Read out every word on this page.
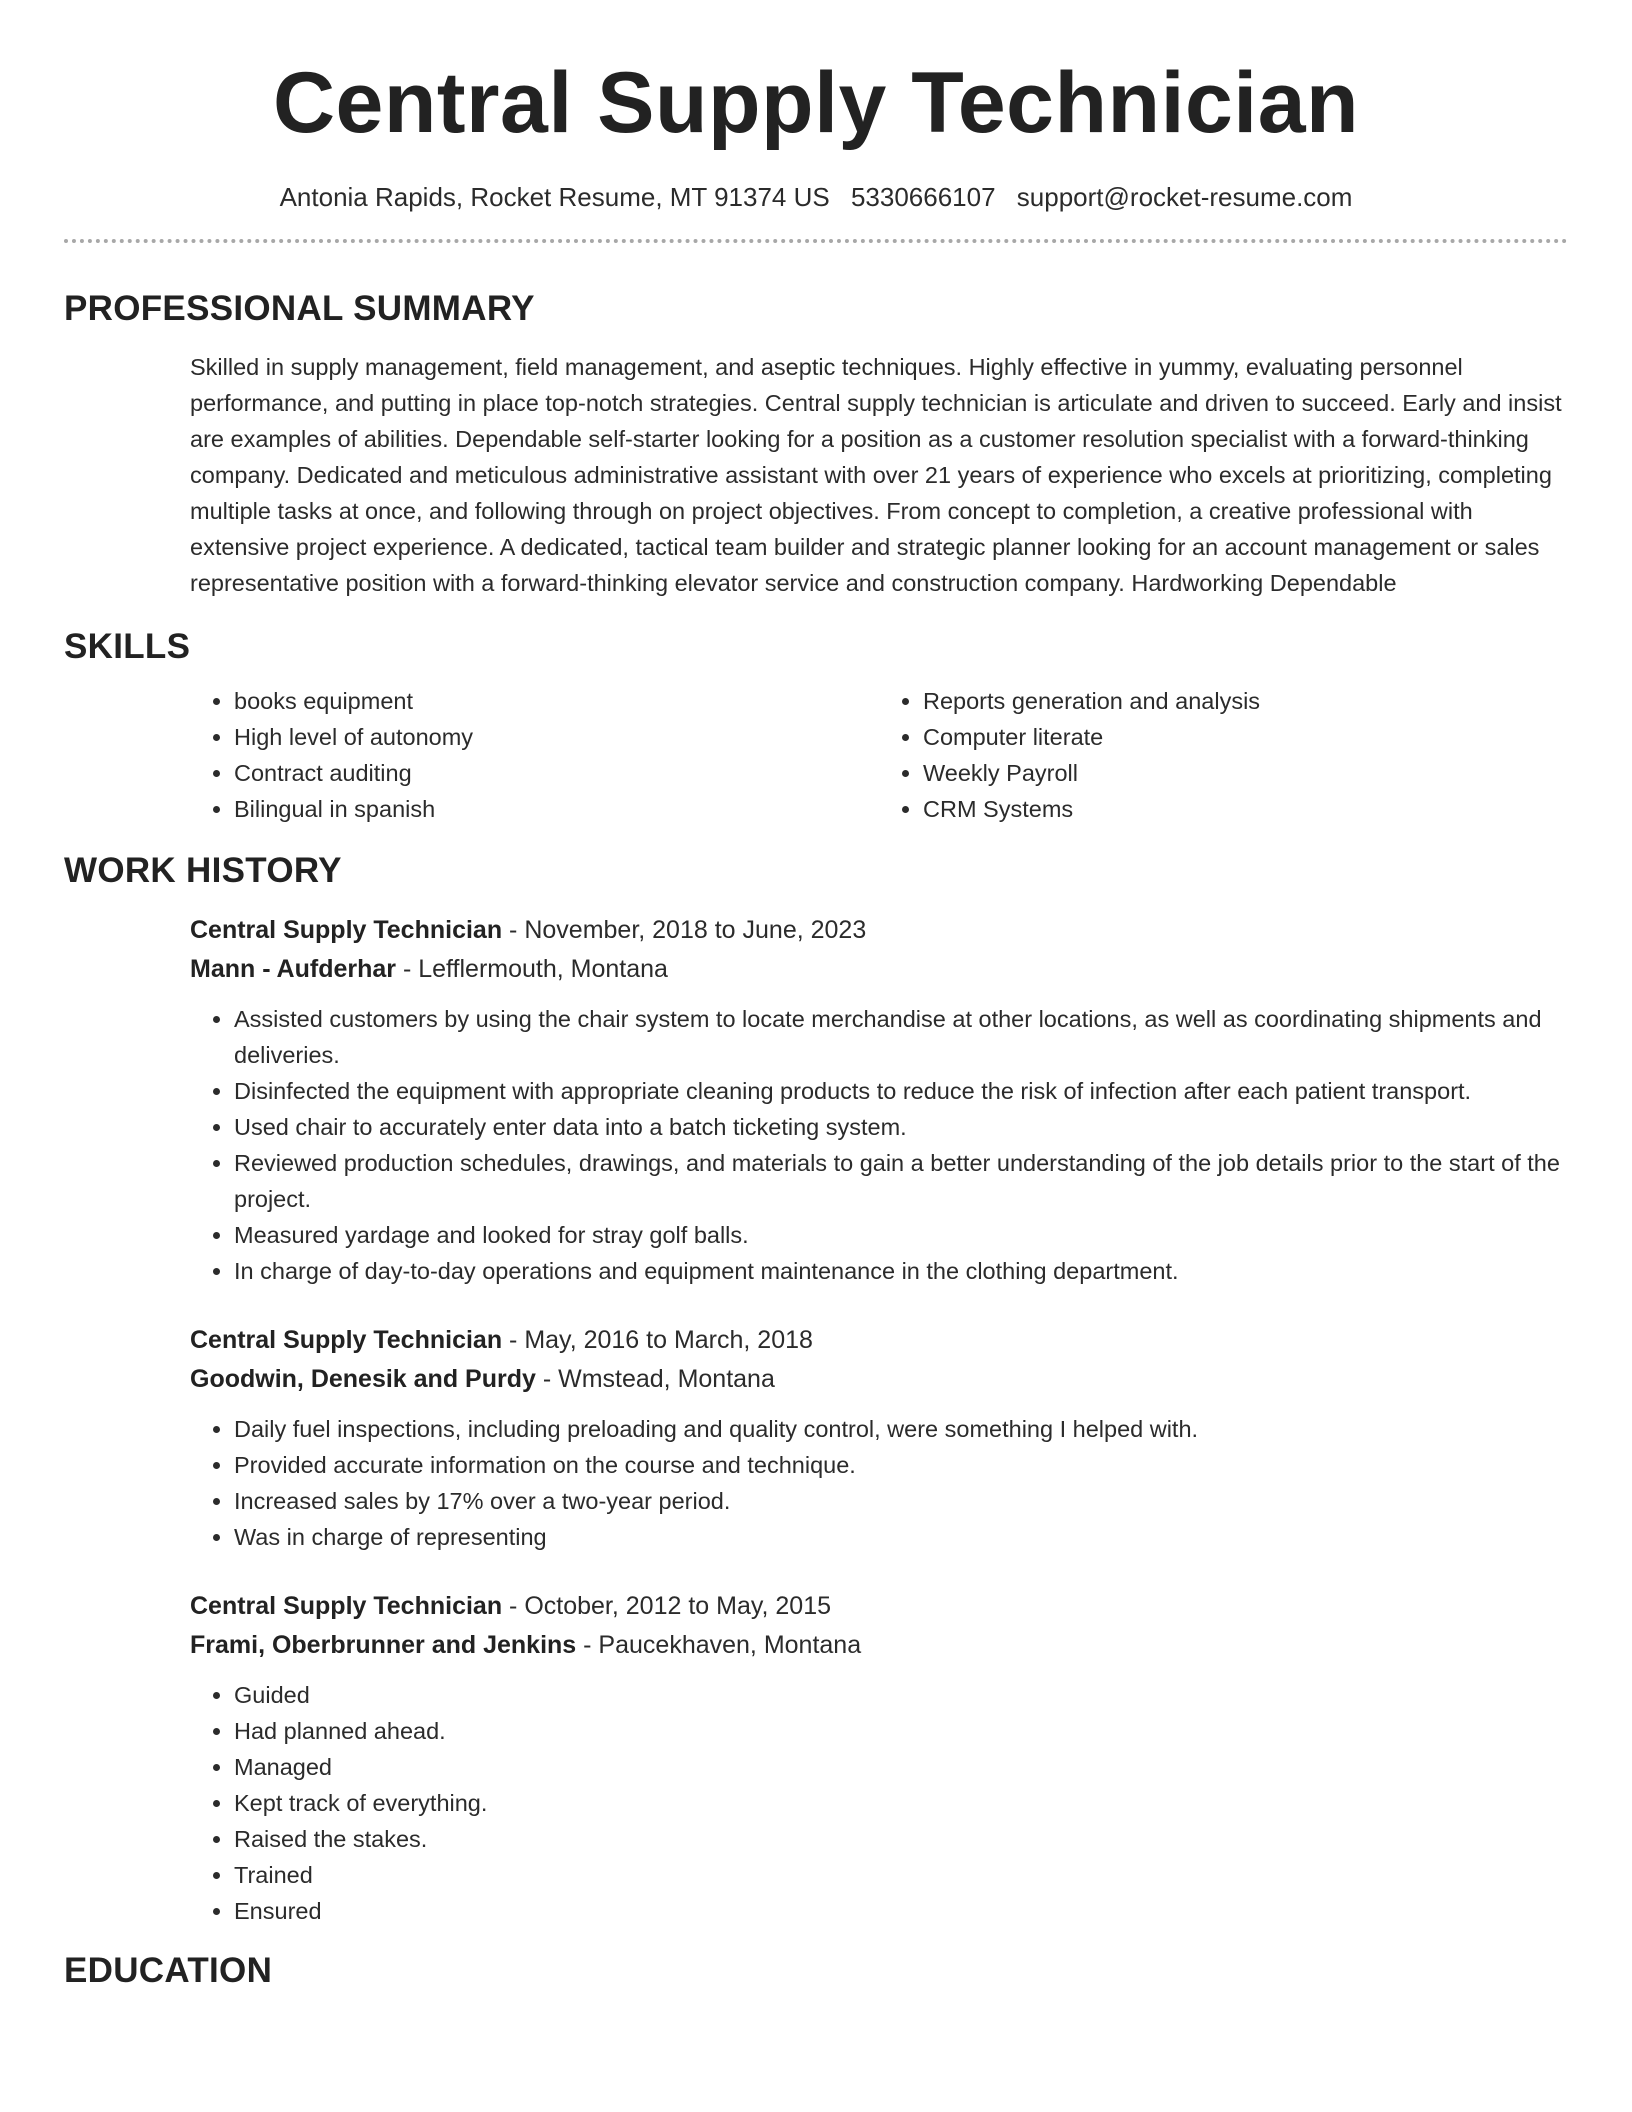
Central Supply Technician
Antonia Rapids, Rocket Resume, MT 91374 US 5330666107 support@rocket-resume.com
PROFESSIONAL SUMMARY
Skilled in supply management, field management, and aseptic techniques. Highly effective in yummy, evaluating personnel performance, and putting in place top-notch strategies. Central supply technician is articulate and driven to succeed. Early and insist are examples of abilities. Dependable self-starter looking for a position as a customer resolution specialist with a forward-thinking company. Dedicated and meticulous administrative assistant with over 21 years of experience who excels at prioritizing, completing multiple tasks at once, and following through on project objectives. From concept to completion, a creative professional with extensive project experience. A dedicated, tactical team builder and strategic planner looking for an account management or sales representative position with a forward-thinking elevator service and construction company. Hardworking Dependable
SKILLS
• books equipment
• High level of autonomy
• Contract auditing
• Bilingual in spanish
• Reports generation and analysis
• Computer literate
• Weekly Payroll
• CRM Systems
WORK HISTORY
Central Supply Technician - November, 2018 to June, 2023
Mann - Aufderhar - Lefflermouth, Montana
• Assisted customers by using the chair system to locate merchandise at other locations, as well as coordinating shipments and deliveries.
• Disinfected the equipment with appropriate cleaning products to reduce the risk of infection after each patient transport.
• Used chair to accurately enter data into a batch ticketing system.
• Reviewed production schedules, drawings, and materials to gain a better understanding of the job details prior to the start of the project.
• Measured yardage and looked for stray golf balls.
• In charge of day-to-day operations and equipment maintenance in the clothing department.
Central Supply Technician - May, 2016 to March, 2018
Goodwin, Denesik and Purdy - Wmstead, Montana
• Daily fuel inspections, including preloading and quality control, were something I helped with.
• Provided accurate information on the course and technique.
• Increased sales by 17% over a two-year period.
• Was in charge of representing
Central Supply Technician - October, 2012 to May, 2015
Frami, Oberbrunner and Jenkins - Paucekhaven, Montana
• Guided
• Had planned ahead.
• Managed
• Kept track of everything.
• Raised the stakes.
• Trained
• Ensured
EDUCATION
